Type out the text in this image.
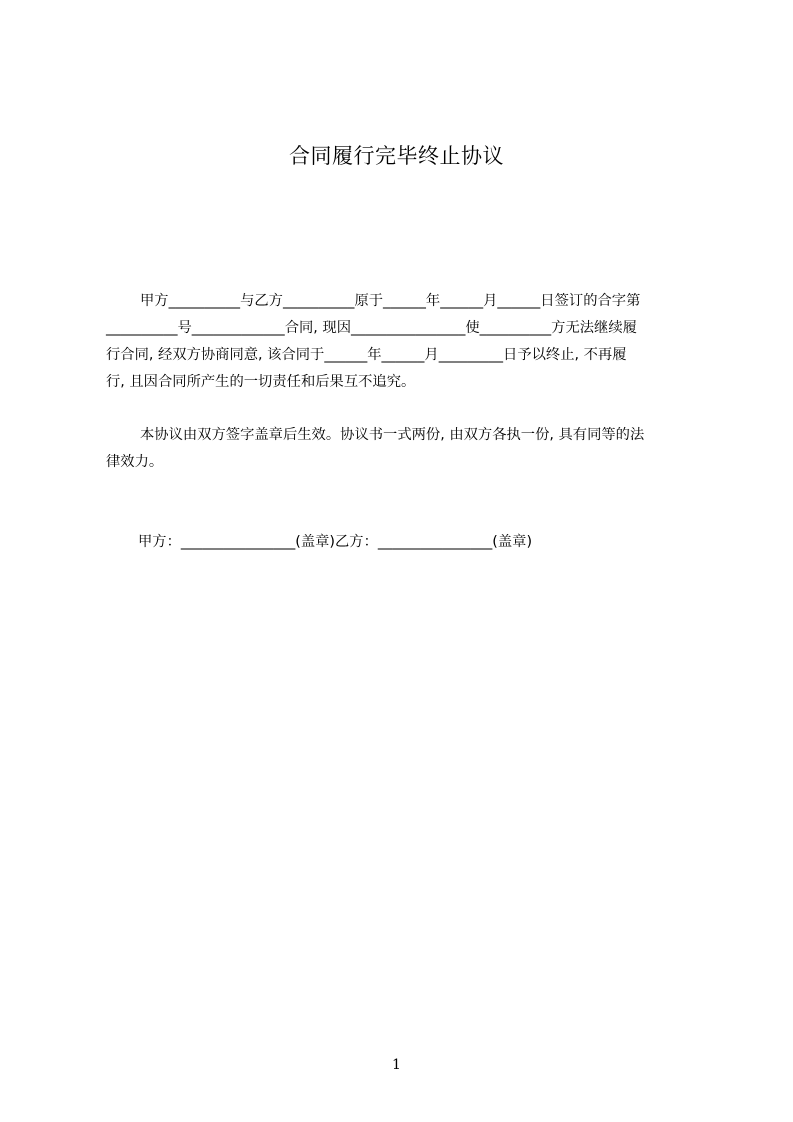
合同履行完毕终止协议
甲方__________与乙方__________原于______年______月______日签订的合字第
__________号_____________合同, 现因________________使__________方无法继续履
行合同, 经双方协商同意, 该合同于______年______月_________日予以终止, 不再履
行, 且因合同所产生的一切责任和后果互不追究。
本协议由双方签字盖章后生效。协议书一式两份, 由双方各执一份, 具有同等的法
律效力。
甲方：________________(盖章)乙方：________________(盖章)
1
